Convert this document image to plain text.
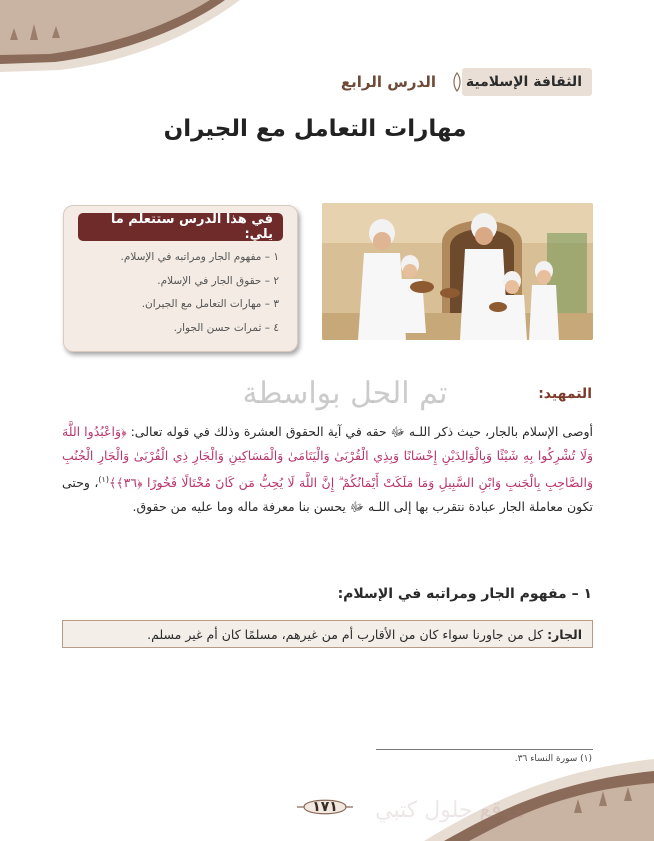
الثقافة الإسلامية
الدرس الرابع
مهارات التعامل مع الجيران
في هذا الدرس ستتعلم ما يلي:
١ – مفهوم الجار ومراتبه في الإسلام.
٢ – حقوق الجار في الإسلام.
٣ – مهارات التعامل مع الجيران.
٤ – ثمرات حسن الجوار.
تم الحل بواسطة	التمهيد:
أوصى الإسلام بالجار، حيث ذكر اللـه ﷻ حقه في آية الحقوق العشرة وذلك في قوله تعالى: ﴿وَاعْبُدُوا اللَّهَ وَلَا تُشْرِكُوا بِهِ شَيْئًا وَبِالْوَالِدَيْنِ إِحْسَانًا وَبِذِي الْقُرْبَىٰ وَالْيَتَامَىٰ وَالْمَسَاكِينِ وَالْجَارِ ذِي الْقُرْبَىٰ وَالْجَارِ الْجُنُبِ وَالصَّاحِبِ بِالْجَنبِ وَابْنِ السَّبِيلِ وَمَا مَلَكَتْ أَيْمَانُكُمْ ۗ إِنَّ اللَّهَ لَا يُحِبُّ مَن كَانَ مُخْتَالًا فَخُورًا ﴿٣٦﴾﴾$^{(١)}$، وحتى تكون معاملة الجار عبادة نتقرب بها إلى اللـه ﷻ يحسن بنا معرفة ماله وما عليه من حقوق.
١ – مفهوم الجار ومراتبه في الإسلام:
الجار:
كل من جاورنا سواء كان من الأقارب أم من غيرهم، مسلمًا كان أم غير مسلم.
(١) سورة النساء ٣٦.
موقع حلول كتبي
١٧١
